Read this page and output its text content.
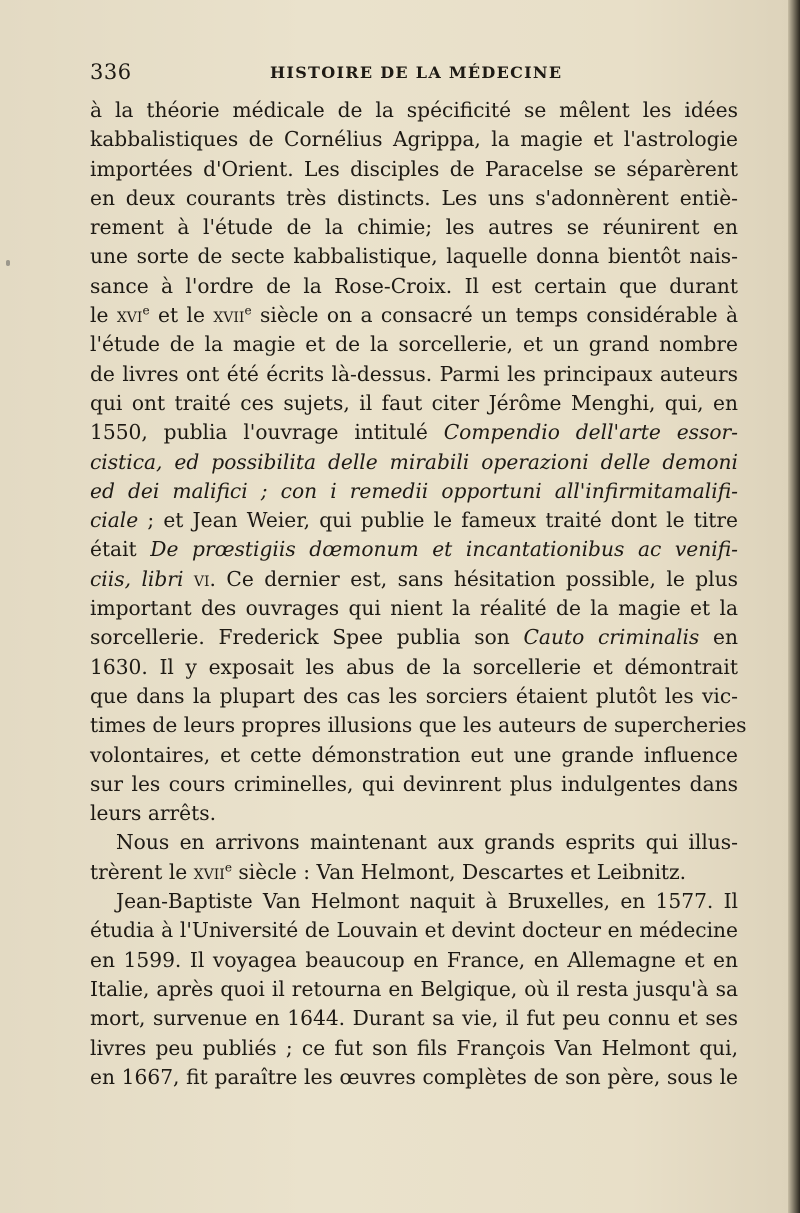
336	HISTOIRE DE LA MÉDECINE
à la théorie médicale de la spécificité se mêlent les idées
kabbalistiques de Cornélius Agrippa, la magie et l'astrologie
importées d'Orient. Les disciples de Paracelse se séparèrent
en deux courants très distincts. Les uns s'adonnèrent entiè-
rement à l'étude de la chimie; les autres se réunirent en
une sorte de secte kabbalistique, laquelle donna bientôt nais-
sance à l'ordre de la Rose-Croix. Il est certain que durant
le xvi$^e$ et le xvii$^e$ siècle on a consacré un temps considérable à
l'étude de la magie et de la sorcellerie, et un grand nombre
de livres ont été écrits là-dessus. Parmi les principaux auteurs
qui ont traité ces sujets, il faut citer Jérôme Menghi, qui, en
1550, publia l'ouvrage intitulé Compendio dell'arte essor-
cistica, ed possibilita delle mirabili operazioni delle demoni
ed dei malifici ; con i remedii opportuni all'infirmitamalifi-
ciale ; et Jean Weier, qui publie le fameux traité dont le titre
était De prœstigiis dœmonum et incantationibus ac venifi-
ciis, libri vi. Ce dernier est, sans hésitation possible, le plus
important des ouvrages qui nient la réalité de la magie et la
sorcellerie. Frederick Spee publia son Cauto criminalis en
1630. Il y exposait les abus de la sorcellerie et démontrait
que dans la plupart des cas les sorciers étaient plutôt les vic-
times de leurs propres illusions que les auteurs de supercheries
volontaires, et cette démonstration eut une grande influence
sur les cours criminelles, qui devinrent plus indulgentes dans
leurs arrêts.
Nous en arrivons maintenant aux grands esprits qui illus-
trèrent le xvii$^e$ siècle : Van Helmont, Descartes et Leibnitz.
Jean-Baptiste Van Helmont naquit à Bruxelles, en 1577. Il
étudia à l'Université de Louvain et devint docteur en médecine
en 1599. Il voyagea beaucoup en France, en Allemagne et en
Italie, après quoi il retourna en Belgique, où il resta jusqu'à sa
mort, survenue en 1644. Durant sa vie, il fut peu connu et ses
livres peu publiés ; ce fut son fils François Van Helmont qui,
en 1667, fit paraître les œuvres complètes de son père, sous le
